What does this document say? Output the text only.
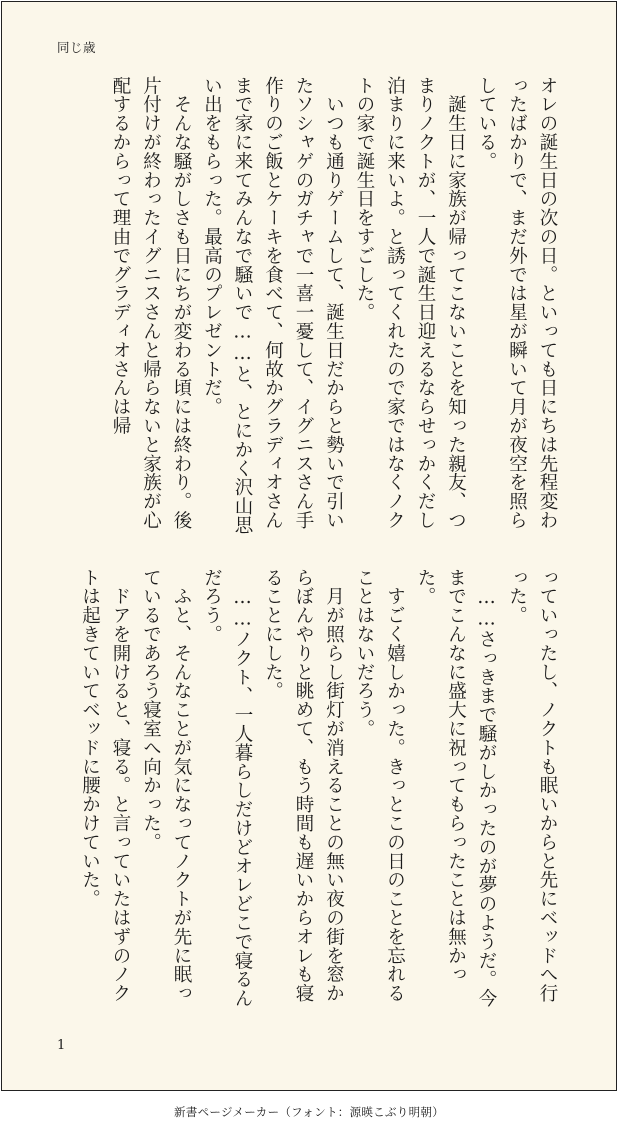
同じ歳

オレの誕生日の次の日。といっても日にちは先程変わったばかりで、まだ外では星が瞬いて月が夜空を照らしている。

　誕生日に家族が帰ってこないことを知った親友、つまりノクトが、一人で誕生日迎えるならせっかくだし泊まりに来いよ。と誘ってくれたので家ではなくノクトの家で誕生日をすごした。

　いつも通りゲームして、誕生日だからと勢いで引いたソシャゲのガチャで一喜一憂して、イグニスさん手作りのご飯とケーキを食べて、何故かグラディオさんまで家に来てみんなで騒いで……と、とにかく沢山思い出をもらった。最高のプレゼントだ。

　そんな騒がしさも日にちが変わる頃には終わり。後片付けが終わったイグニスさんと帰らないと家族が心配するからって理由でグラディオさんは帰

っていったし、ノクトも眠いからと先にベッドへ行った。

　……さっきまで騒がしかったのが夢のようだ。今までこんなに盛大に祝ってもらったことは無かった。

　すごく嬉しかった。きっとこの日のことを忘れることはないだろう。

　月が照らし街灯が消えることの無い夜の街を窓からぼんやりと眺めて、もう時間も遅いからオレも寝ることにした。

　……ノクト、一人暮らしだけどオレどこで寝るんだろう。

　ふと、そんなことが気になってノクトが先に眠っているであろう寝室へ向かった。

　ドアを開けると、寝る。と言っていたはずのノクトは起きていてベッドに腰かけていた。

1
新書ページメーカー（フォント：源暎こぶり明朝）
